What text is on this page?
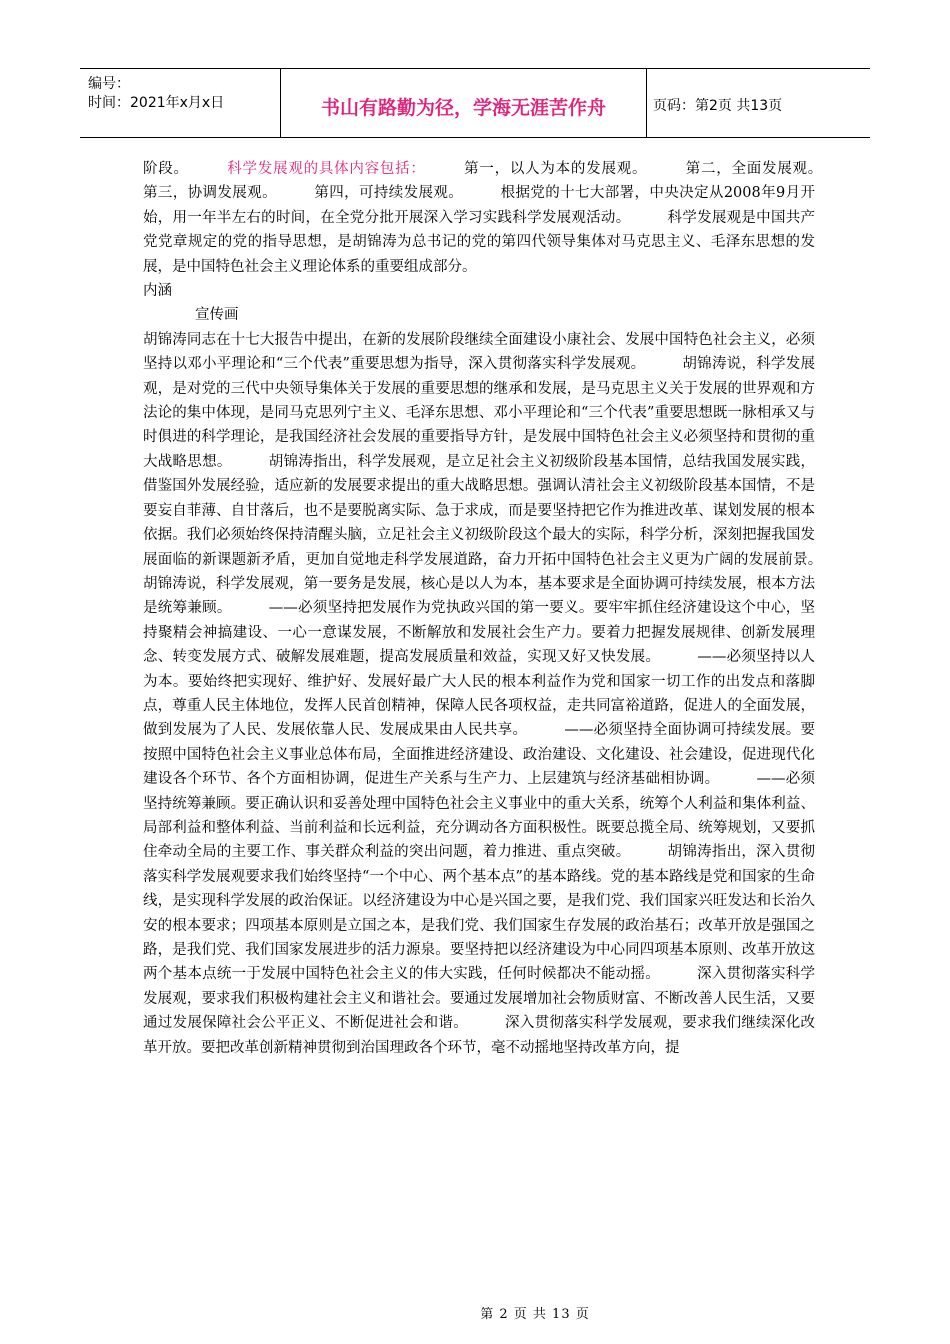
编号：
时间：2021年x月x日	书山有路勤为径，学海无涯苦作舟	页码：第2页 共13页

阶段。　　　科学发展观的具体内容包括：　　　第一，以人为本的发展观。　　　第二，全面发展观。　　　第三，协调发展观。　　　第四，可持续发展观。　　　根据党的十七大部署，中央决定从2008年9月开始，用一年半左右的时间，在全党分批开展深入学习实践科学发展观活动。　　　科学发展观是中国共产党党章规定的党的指导思想，是胡锦涛为总书记的党的第四代领导集体对马克思主义、毛泽东思想的发展，是中国特色社会主义理论体系的重要组成部分。

内涵

宣传画

胡锦涛同志在十七大报告中提出，在新的发展阶段继续全面建设小康社会、发展中国特色社会主义，必须坚持以邓小平理论和“三个代表”重要思想为指导，深入贯彻落实科学发展观。　　　胡锦涛说，科学发展观，是对党的三代中央领导集体关于发展的重要思想的继承和发展，是马克思主义关于发展的世界观和方法论的集中体现，是同马克思列宁主义、毛泽东思想、邓小平理论和“三个代表”重要思想既一脉相承又与时俱进的科学理论，是我国经济社会发展的重要指导方针，是发展中国特色社会主义必须坚持和贯彻的重大战略思想。　　　胡锦涛指出，科学发展观，是立足社会主义初级阶段基本国情，总结我国发展实践，借鉴国外发展经验，适应新的发展要求提出的重大战略思想。强调认清社会主义初级阶段基本国情，不是要妄自菲薄、自甘落后，也不是要脱离实际、急于求成，而是要坚持把它作为推进改革、谋划发展的根本依据。我们必须始终保持清醒头脑，立足社会主义初级阶段这个最大的实际，科学分析，深刻把握我国发展面临的新课题新矛盾，更加自觉地走科学发展道路，奋力开拓中国特色社会主义更为广阔的发展前景。　　　胡锦涛说，科学发展观，第一要务是发展，核心是以人为本，基本要求是全面协调可持续发展，根本方法是统筹兼顾。　　　——必须坚持把发展作为党执政兴国的第一要义。要牢牢抓住经济建设这个中心，坚持聚精会神搞建设、一心一意谋发展，不断解放和发展社会生产力。要着力把握发展规律、创新发展理念、转变发展方式、破解发展难题，提高发展质量和效益，实现又好又快发展。　　　——必须坚持以人为本。要始终把实现好、维护好、发展好最广大人民的根本利益作为党和国家一切工作的出发点和落脚点，尊重人民主体地位，发挥人民首创精神，保障人民各项权益，走共同富裕道路，促进人的全面发展，做到发展为了人民、发展依靠人民、发展成果由人民共享。　　　——必须坚持全面协调可持续发展。要按照中国特色社会主义事业总体布局，全面推进经济建设、政治建设、文化建设、社会建设，促进现代化建设各个环节、各个方面相协调，促进生产关系与生产力、上层建筑与经济基础相协调。　　　——必须坚持统筹兼顾。要正确认识和妥善处理中国特色社会主义事业中的重大关系，统筹个人利益和集体利益、局部利益和整体利益、当前利益和长远利益，充分调动各方面积极性。既要总揽全局、统筹规划，又要抓住牵动全局的主要工作、事关群众利益的突出问题，着力推进、重点突破。　　　胡锦涛指出，深入贯彻落实科学发展观要求我们始终坚持“一个中心、两个基本点”的基本路线。党的基本路线是党和国家的生命线，是实现科学发展的政治保证。以经济建设为中心是兴国之要，是我们党、我们国家兴旺发达和长治久安的根本要求；四项基本原则是立国之本，是我们党、我们国家生存发展的政治基石；改革开放是强国之路，是我们党、我们国家发展进步的活力源泉。要坚持把以经济建设为中心同四项基本原则、改革开放这两个基本点统一于发展中国特色社会主义的伟大实践，任何时候都决不能动摇。　　　深入贯彻落实科学发展观，要求我们积极构建社会主义和谐社会。要通过发展增加社会物质财富、不断改善人民生活，又要通过发展保障社会公平正义、不断促进社会和谐。　　　深入贯彻落实科学发展观，要求我们继续深化改革开放。要把改革创新精神贯彻到治国理政各个环节，毫不动摇地坚持改革方向，提

第 2 页 共 13 页
